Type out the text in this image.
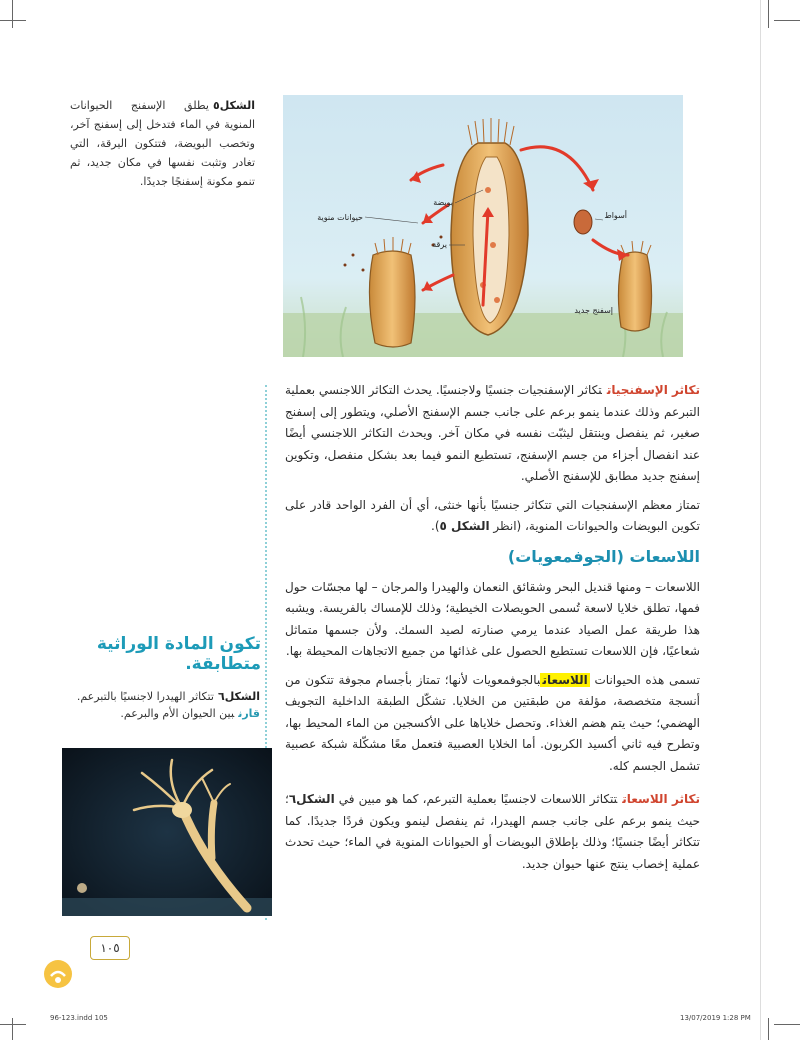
الشكل٥يطلق الإسفنج الحيوانات المنوية في الماء فتدخل إلى إسفنج آخر، وتخصب البويضة، فتتكون اليرقة، التي تغادر وتثبت نفسها في مكان جديد، ثم تنمو مكونة إسفنجًا جديدًا.
حيوانات منوية
بويضة
يرقة
أسواط
إسفنج جديد

تكاثر الإسفنجياتتكاثر الإسفنجيات جنسيًا ولاجنسيًا. يحدث التكاثر اللاجنسي بعملية التبرعم وذلك عندما ينمو برعم على جانب جسم الإسفنج الأصلي، ويتطور إلى إسفنج صغير، ثم ينفصل وينتقل ليثبّت نفسه في مكان آخر. ويحدث التكاثر اللاجنسي أيضًا عند انفصال أجزاء من جسم الإسفنج، تستطيع النمو فيما بعد بشكل منفصل، وتكوين إسفنج جديد مطابق للإسفنج الأصلي.

تمتاز معظم الإسفنجيات التي تتكاثر جنسيًا بأنها خنثى، أي أن الفرد الواحد قادر على تكوين البويضات والحيوانات المنوية، (انظر الشكل ٥).

اللاسعات (الجوفمعويات)

اللاسعات – ومنها قنديل البحر وشقائق النعمان والهيدرا والمرجان – لها مجسّات حول فمها، تطلق خلايا لاسعة تُسمى الحويصلات الخيطية؛ وذلك للإمساك بالفريسة. ويشبه هذا طريقة عمل الصياد عندما يرمي صنارته لصيد السمك. ولأن جسمها متماثل شعاعيًا، فإن اللاسعات تستطيع الحصول على غذائها من جميع الاتجاهات المحيطة بها.

تسمى هذه الحيوانات اللاسعاتبالجوفمعويات لأنها؛ تمتاز بأجسام مجوفة تتكون من أنسجة متخصصة، مؤلفة من طبقتين من الخلايا. تشكّل الطبقة الداخلية التجويف الهضمي؛ حيث يتم هضم الغذاء. وتحصل خلاياها على الأكسجين من الماء المحيط بها، وتطرح فيه ثاني أكسيد الكربون. أما الخلايا العصبية فتعمل معًا مشكّلة شبكة عصبية تشمل الجسم كله.

تكاثر اللاسعاتتتكاثر اللاسعات لاجنسيًا بعملية التبرعم، كما هو مبين في الشكل٦؛ حيث ينمو برعم على جانب جسم الهيدرا، ثم ينفصل لينمو ويكون فردًا جديدًا. كما تتكاثر أيضًا جنسيًا؛ وذلك بإطلاق البويضات أو الحيوانات المنوية في الماء؛ حيث تحدث عملية إخصاب ينتج عنها حيوان جديد.

تكون المادة الوراثية متطابقة.
الشكل٦تتكاثر الهيدرا لاجنسيًا بالتبرعم.
قارنبين الحيوان الأم والبرعم.
١٠٥
96-123.indd 105	13/07/2019 1:28 PM
